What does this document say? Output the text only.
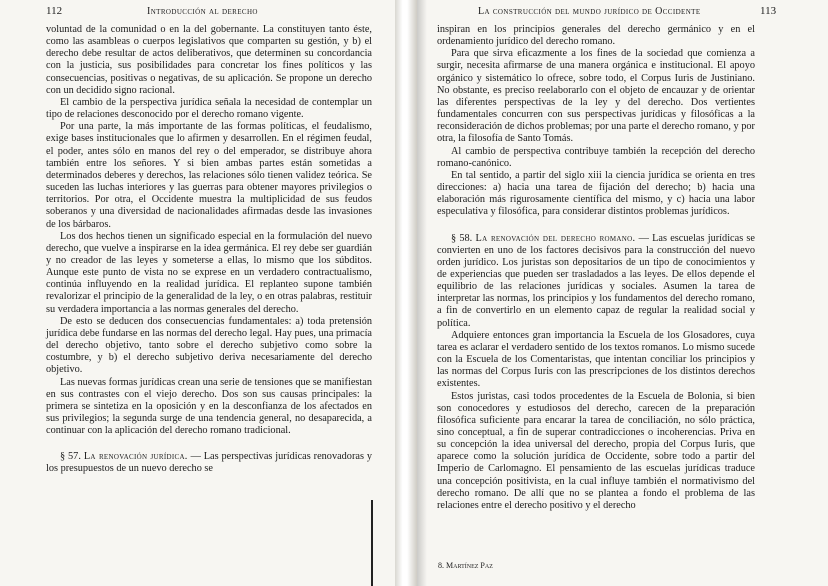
112	Introducción al derecho

voluntad de la comunidad o en la del gobernante. La constituyen tanto éste, como las asambleas o cuerpos legislativos que comparten su gestión, y b) el derecho debe resultar de actos deliberativos, que determinen su concordancia con la justicia, sus posibilidades para concretar los fines políticos y las consecuencias, positivas o negativas, de su aplicación. Se propone un derecho con un decidido signo racional.

El cambio de la perspectiva jurídica señala la necesidad de contemplar un tipo de relaciones desconocido por el derecho romano vigente.

Por una parte, la más importante de las formas políticas, el feudalismo, exige bases institucionales que lo afirmen y desarrollen. En el régimen feudal, el poder, antes sólo en manos del rey o del emperador, se distribuye ahora también entre los señores. Y si bien ambas partes están sometidas a determinados deberes y derechos, las relaciones sólo tienen validez teórica. Se suceden las luchas interiores y las guerras para obtener mayores privilegios o territorios. Por otra, el Occidente muestra la multiplicidad de sus feudos soberanos y una diversidad de nacionalidades afirmadas desde las invasiones de los bárbaros.

Los dos hechos tienen un significado especial en la formulación del nuevo derecho, que vuelve a inspirarse en la idea germánica. El rey debe ser guardián y no creador de las leyes y someterse a ellas, lo mismo que los súbditos. Aunque este punto de vista no se exprese en un verdadero contractualismo, continúa influyendo en la realidad jurídica. El replanteo supone también revalorizar el principio de la generalidad de la ley, o en otras palabras, restituir su verdadera importancia a las normas generales del derecho.

De esto se deducen dos consecuencias fundamentales: a) toda pretensión jurídica debe fundarse en las normas del derecho legal. Hay pues, una primacía del derecho objetivo, tanto sobre el derecho subjetivo como sobre la costumbre, y b) el derecho subjetivo deriva necesariamente del derecho objetivo.

Las nuevas formas jurídicas crean una serie de tensiones que se manifiestan en sus contrastes con el viejo derecho. Dos son sus causas principales: la primera se sintetiza en la oposición y en la desconfianza de los afectados en sus privilegios; la segunda surge de una tendencia general, no desaparecida, a continuar con la aplicación del derecho romano tradicional.

§ 57. La renovación jurídica. — Las perspectivas jurídicas renovadoras y los presupuestos de un nuevo derecho se

La construcción del mundo jurídico de Occidente	113

inspiran en los principios generales del derecho germánico y en el ordenamiento jurídico del derecho romano.

Para que sirva eficazmente a los fines de la sociedad que comienza a surgir, necesita afirmarse de una manera orgánica e institucional. El apoyo orgánico y sistemático lo ofrece, sobre todo, el Corpus Iuris de Justiniano. No obstante, es preciso reelaborarlo con el objeto de encauzar y de orientar las diferentes perspectivas de la ley y del derecho. Dos vertientes fundamentales concurren con sus perspectivas jurídicas y filosóficas a la reconsideración de dichos problemas; por una parte el derecho romano, y por otra, la filosofía de Santo Tomás.

Al cambio de perspectiva contribuye también la recepción del derecho romano-canónico.

En tal sentido, a partir del siglo xiii la ciencia jurídica se orienta en tres direcciones: a) hacia una tarea de fijación del derecho; b) hacia una elaboración más rigurosamente científica del mismo, y c) hacia una labor especulativa y filosófica, para considerar distintos problemas jurídicos.

§ 58. La renovación del derecho romano. — Las escuelas jurídicas se convierten en uno de los factores decisivos para la construcción del nuevo orden jurídico. Los juristas son depositarios de un tipo de conocimientos y de experiencias que pueden ser trasladados a las leyes. De ellos depende el equilibrio de las relaciones jurídicas y sociales. Asumen la tarea de interpretar las normas, los principios y los fundamentos del derecho romano, a fin de convertirlo en un elemento capaz de regular la realidad social y política.

Adquiere entonces gran importancia la Escuela de los Glosadores, cuya tarea es aclarar el verdadero sentido de los textos romanos. Lo mismo sucede con la Escuela de los Comentaristas, que intentan conciliar los principios y las normas del Corpus Iuris con las prescripciones de los distintos derechos existentes.

Estos juristas, casi todos procedentes de la Escuela de Bolonia, si bien son conocedores y estudiosos del derecho, carecen de la preparación filosófica suficiente para encarar la tarea de conciliación, no sólo práctica, sino conceptual, a fin de superar contradicciones o incoherencias. Priva en su concepción la idea universal del derecho, propia del Corpus Iuris, que aparece como la solución jurídica de Occidente, sobre todo a partir del Imperio de Carlomagno. El pensamiento de las escuelas jurídicas traduce una concepción positivista, en la cual influye también el normativismo del derecho romano. De allí que no se plantea a fondo el problema de las relaciones entre el derecho positivo y el derecho

8. Martínez Paz
